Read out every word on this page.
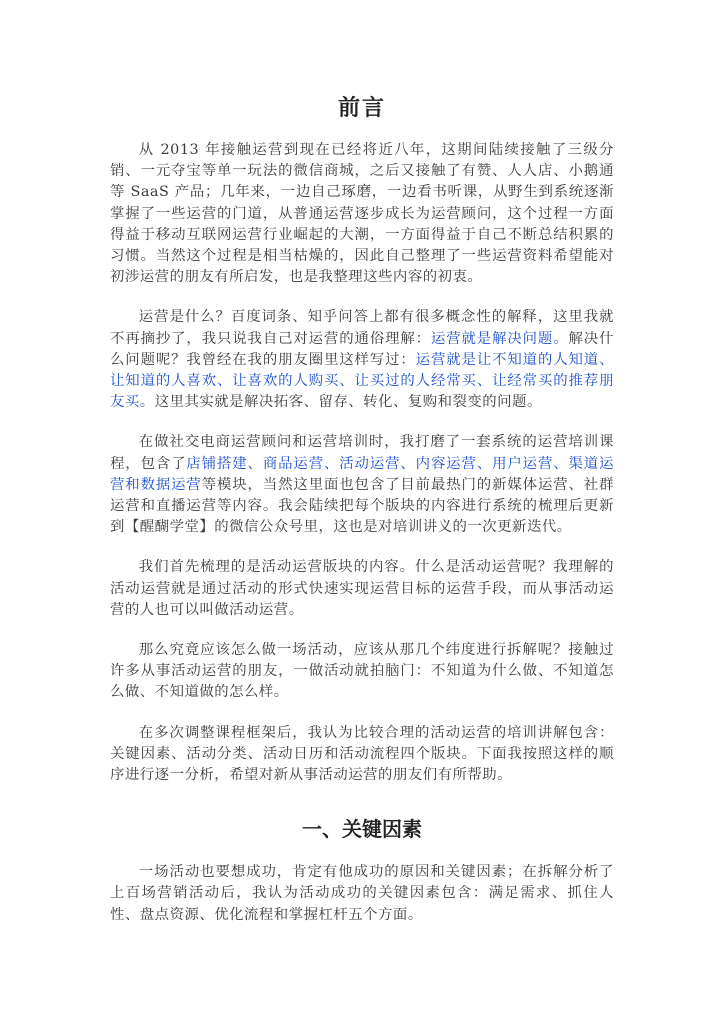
前言

从 2013 年接触运营到现在已经将近八年，这期间陆续接触了三级分销、一元夺宝等单一玩法的微信商城，之后又接触了有赞、人人店、小鹅通等 SaaS 产品；几年来，一边自己琢磨，一边看书听课，从野生到系统逐渐掌握了一些运营的门道，从普通运营逐步成长为运营顾问，这个过程一方面得益于移动互联网运营行业崛起的大潮，一方面得益于自己不断总结积累的习惯。当然这个过程是相当枯燥的，因此自己整理了一些运营资料希望能对初涉运营的朋友有所启发，也是我整理这些内容的初衷。

运营是什么？百度词条、知乎问答上都有很多概念性的解释，这里我就不再摘抄了，我只说我自己对运营的通俗理解：运营就是解决问题。解决什么问题呢？我曾经在我的朋友圈里这样写过：运营就是让不知道的人知道、让知道的人喜欢、让喜欢的人购买、让买过的人经常买、让经常买的推荐朋友买。这里其实就是解决拓客、留存、转化、复购和裂变的问题。

在做社交电商运营顾问和运营培训时，我打磨了一套系统的运营培训课程，包含了店铺搭建、商品运营、活动运营、内容运营、用户运营、渠道运营和数据运营等模块，当然这里面也包含了目前最热门的新媒体运营、社群运营和直播运营等内容。我会陆续把每个版块的内容进行系统的梳理后更新到【醒醐学堂】的微信公众号里，这也是对培训讲义的一次更新迭代。

我们首先梳理的是活动运营版块的内容。什么是活动运营呢？我理解的活动运营就是通过活动的形式快速实现运营目标的运营手段，而从事活动运营的人也可以叫做活动运营。

那么究竟应该怎么做一场活动，应该从那几个纬度进行拆解呢？接触过许多从事活动运营的朋友，一做活动就拍脑门：不知道为什么做、不知道怎么做、不知道做的怎么样。

在多次调整课程框架后，我认为比较合理的活动运营的培训讲解包含：关键因素、活动分类、活动日历和活动流程四个版块。下面我按照这样的顺序进行逐一分析，希望对新从事活动运营的朋友们有所帮助。

一、关键因素

一场活动也要想成功，肯定有他成功的原因和关键因素；在拆解分析了上百场营销活动后，我认为活动成功的关键因素包含：满足需求、抓住人性、盘点资源、优化流程和掌握杠杆五个方面。
